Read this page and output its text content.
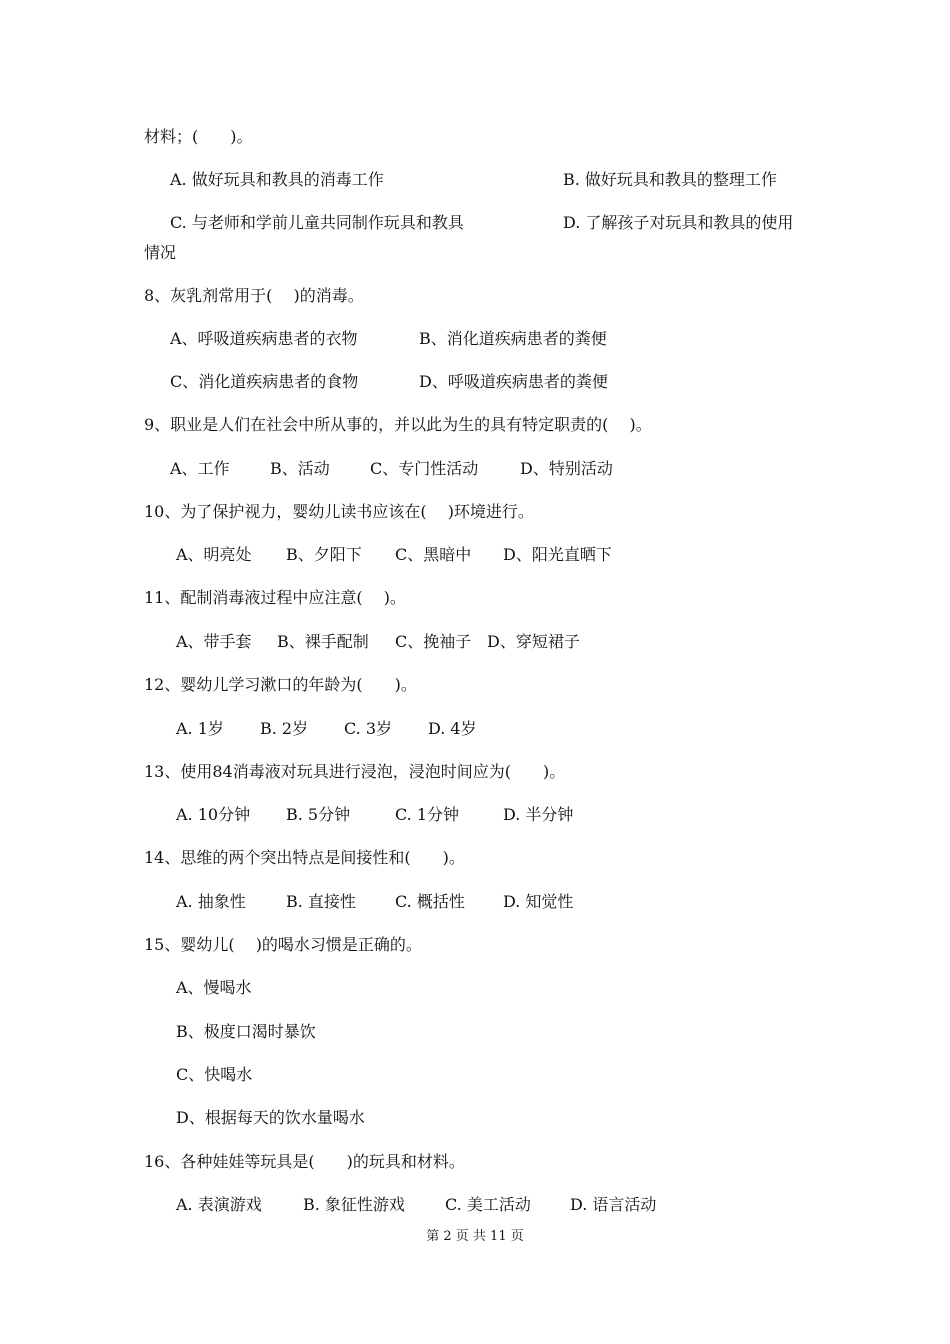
材料；(　　)。
A. 做好玩具和教具的消毒工作	B. 做好玩具和教具的整理工作
C. 与老师和学前儿童共同制作玩具和教具	D. 了解孩子对玩具和教具的使用
情况
8、灰乳剂常用于(　 )的消毒。
A、呼吸道疾病患者的衣物	B、消化道疾病患者的粪便
C、消化道疾病患者的食物	D、呼吸道疾病患者的粪便
9、职业是人们在社会中所从事的，并以此为生的具有特定职责的(　 )。
A、工作	B、活动	C、专门性活动	D、特别活动
10、为了保护视力，婴幼儿读书应该在(　 )环境进行。
A、明亮处 B、夕阳下 C、黑暗中 D、阳光直晒下
11、配制消毒液过程中应注意(　 )。
A、带手套 B、裸手配制 C、挽袖子 D、穿短裙子
12、婴幼儿学习漱口的年龄为(　　)。
A. 1岁 B. 2岁 C. 3岁 D. 4岁
13、使用84消毒液对玩具进行浸泡，浸泡时间应为(　　)。
A. 10分钟 B. 5分钟	C. 1分钟	D. 半分钟
14、思维的两个突出特点是间接性和(　　)。
A. 抽象性	B. 直接性 C. 概括性 D. 知觉性
15、婴幼儿(　 )的喝水习惯是正确的。
A、慢喝水
B、极度口渴时暴饮
C、快喝水
D、根据每天的饮水量喝水
16、各种娃娃等玩具是(　　)的玩具和材料。
A. 表演游戏	B. 象征性游戏	C. 美工活动 D. 语言活动
第 2 页 共 11 页
